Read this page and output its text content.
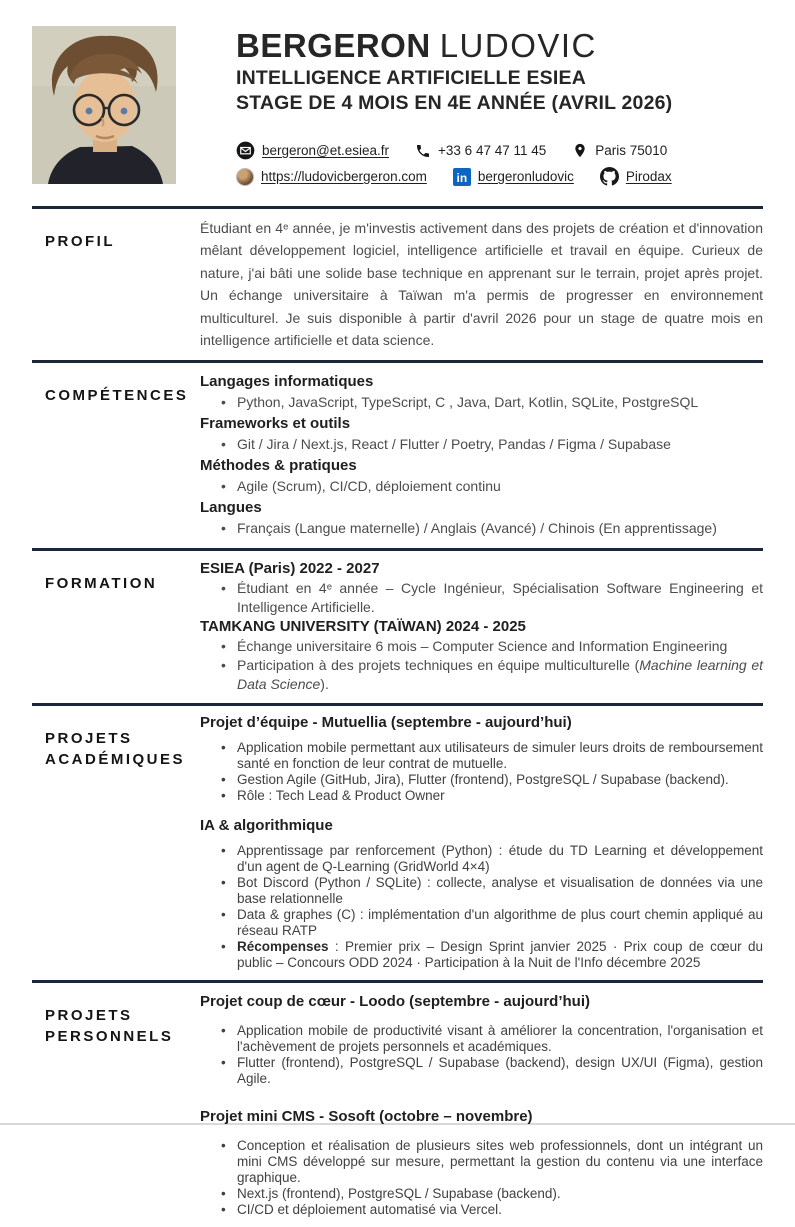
BERGERON LUDOVIC
INTELLIGENCE ARTIFICIELLE ESIEA
STAGE DE 4 MOIS EN 4E ANNÉE (AVRIL 2026)
bergeron@et.esiea.fr	+33 6 47 47 11 45	Paris 75010
https://ludovicbergeron.com	in bergeronludovic	Pirodax
PROFIL

Étudiant en 4ᵉ année, je m'investis activement dans des projets de création et d'innovation mêlant développement logiciel, intelligence artificielle et travail en équipe. Curieux de nature, j'ai bâti une solide base technique en apprenant sur le terrain, projet après projet. Un échange universitaire à Taïwan m'a permis de progresser en environnement multiculturel. Je suis disponible à partir d'avril 2026 pour un stage de quatre mois en intelligence artificielle et data science.

COMPÉTENCES
Langages informatiques
• Python, JavaScript, TypeScript, C , Java, Dart, Kotlin, SQLite, PostgreSQL
Frameworks et outils
• Git / Jira / Next.js, React / Flutter / Poetry, Pandas / Figma / Supabase
Méthodes & pratiques
• Agile (Scrum), CI/CD, déploiement continu
Langues
• Français (Langue maternelle) / Anglais (Avancé) / Chinois (En apprentissage)
FORMATION
ESIEA (Paris) 2022 - 2027
• Étudiant en 4ᵉ année – Cycle Ingénieur, Spécialisation Software Engineering et Intelligence Artificielle.
TAMKANG UNIVERSITY (TAÏWAN) 2024 - 2025
• Échange universitaire 6 mois – Computer Science and Information Engineering
• Participation à des projets techniques en équipe multiculturelle (Machine learning et Data Science).
PROJETS ACADÉMIQUES
Projet d’équipe - Mutuellia (septembre - aujourd’hui)
• Application mobile permettant aux utilisateurs de simuler leurs droits de remboursement santé en fonction de leur contrat de mutuelle.
• Gestion Agile (GitHub, Jira), Flutter (frontend), PostgreSQL / Supabase (backend).
• Rôle : Tech Lead & Product Owner
IA & algorithmique
• Apprentissage par renforcement (Python) : étude du TD Learning et développement d'un agent de Q-Learning (GridWorld 4×4)
• Bot Discord (Python / SQLite) : collecte, analyse et visualisation de données via une base relationnelle
• Data & graphes (C) : implémentation d'un algorithme de plus court chemin appliqué au réseau RATP
• Récompenses : Premier prix – Design Sprint janvier 2025 · Prix coup de cœur du public – Concours ODD 2024 · Participation à la Nuit de l'Info décembre 2025
PROJETS PERSONNELS
Projet coup de cœur - Loodo (septembre - aujourd’hui)
• Application mobile de productivité visant à améliorer la concentration, l'organisation et l'achèvement de projets personnels et académiques.
• Flutter (frontend), PostgreSQL / Supabase (backend), design UX/UI (Figma), gestion Agile.
Projet mini CMS - Sosoft (octobre – novembre)
• Conception et réalisation de plusieurs sites web professionnels, dont un intégrant un mini CMS développé sur mesure, permettant la gestion du contenu via une interface graphique.
• Next.js (frontend), PostgreSQL / Supabase (backend).
• CI/CD et déploiement automatisé via Vercel.
